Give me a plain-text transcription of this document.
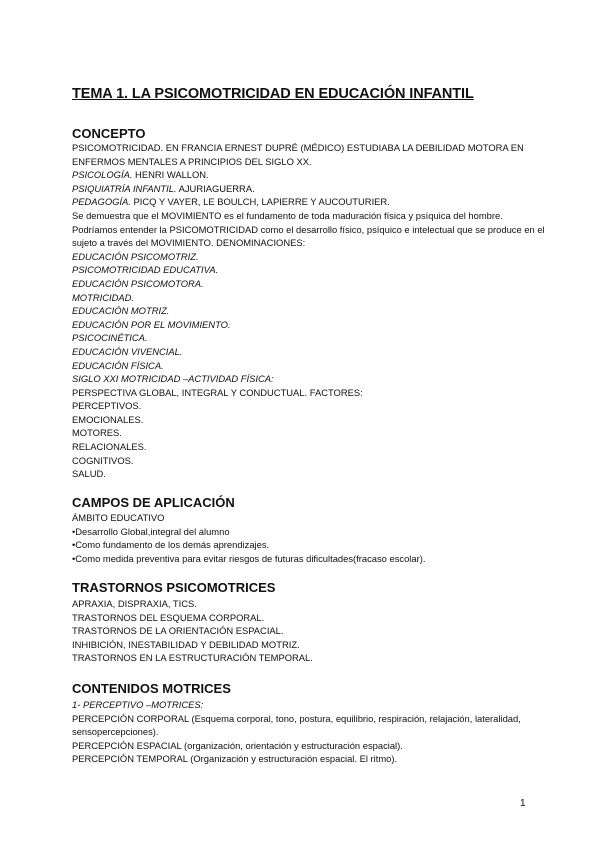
TEMA 1. LA PSICOMOTRICIDAD EN EDUCACIÓN INFANTIL
CONCEPTO
PSICOMOTRICIDAD. EN FRANCIA ERNEST DUPRÉ (MÉDICO) ESTUDIABA LA DEBILIDAD MOTORA EN ENFERMOS MENTALES A PRINCIPIOS DEL SIGLO XX.
PSICOLOGÍA. HENRI WALLON.
PSIQUIATRÍA INFANTIL. AJURIAGUERRA.
PEDAGOGÍA. PICQ Y VAYER, LE BOULCH, LAPIERRE Y AUCOUTURIER.
Se demuestra que el MOVIMIENTO es el fundamento de toda maduración física y psíquica del hombre.
Podríamos entender la PSICOMOTRICIDAD como el desarrollo físico, psíquico e intelectual que se produce en el sujeto a través del MOVIMIENTO. DENOMINACIONES:
EDUCACIÓN PSICOMOTRIZ.
PSICOMOTRICIDAD EDUCATIVA.
EDUCACIÓN PSICOMOTORA.
MOTRICIDAD.
EDUCACIÓN MOTRIZ.
EDUCACIÓN POR EL MOVIMIENTO.
PSICOCINÉTICA.
EDUCACIÓN VIVENCIAL.
EDUCACIÓN FÍSICA.
SIGLO XXI MOTRICIDAD –ACTIVIDAD FÍSICA:
PERSPECTIVA GLOBAL, INTEGRAL Y CONDUCTUAL. FACTORES:
PERCEPTIVOS.
EMOCIONALES.
MOTORES.
RELACIONALES.
COGNITIVOS.
SALUD.
CAMPOS DE APLICACIÓN
ÁMBITO EDUCATIVO
•Desarrollo Global,integral del alumno
•Como fundamento de los demás aprendizajes.
•Como medida preventiva para evitar riesgos de futuras dificultades(fracaso escolar).
TRASTORNOS PSICOMOTRICES
APRAXIA, DISPRAXIA, TICS.
TRASTORNOS DEL ESQUEMA CORPORAL.
TRASTORNOS DE LA ORIENTACIÓN ESPACIAL.
INHIBICIÓN, INESTABILIDAD Y DEBILIDAD MOTRIZ.
TRASTORNOS EN LA ESTRUCTURACIÓN TEMPORAL.
CONTENIDOS MOTRICES
1- PERCEPTIVO –MOTRICES:
PERCEPCIÓN CORPORAL (Esquema corporal, tono, postura, equilibrio, respiración, relajación, lateralidad, sensopercepciones).
PERCEPCIÓN ESPACIAL (organización, orientación y estructuración espacial).
PERCEPCIÓN TEMPORAL (Organización y estructuración espacial. El ritmo).
1
